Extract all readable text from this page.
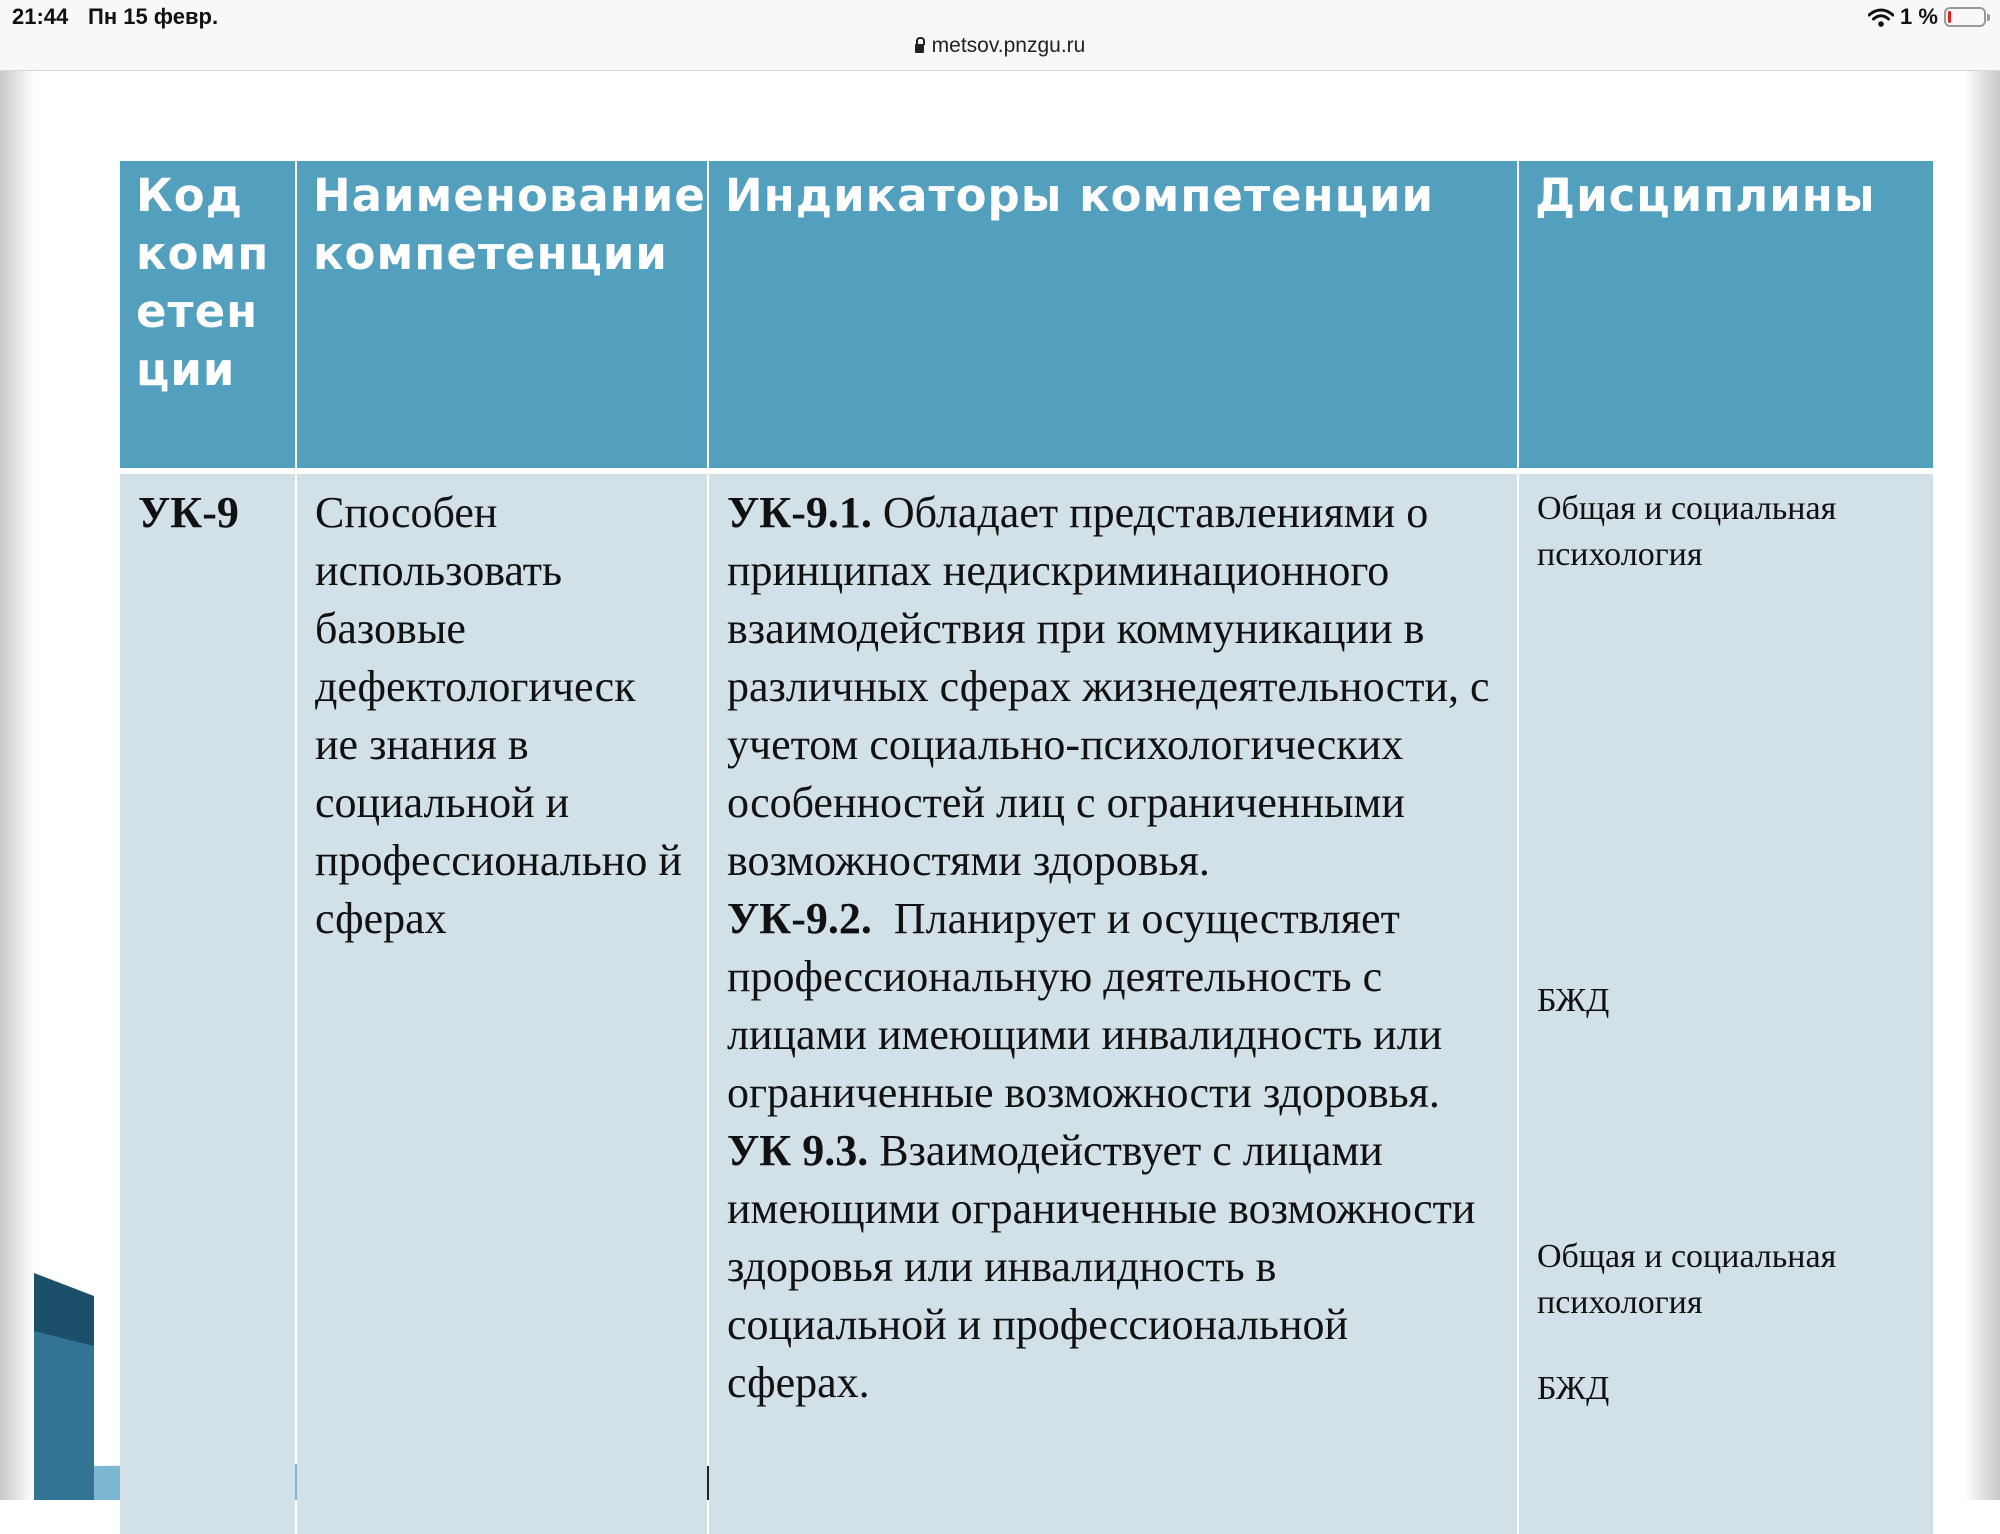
21:44 Пн 15 февр.
metsov.pnzgu.ru
1 %
Код комп етен ции
Наименование компетенции
Индикаторы компетенции	Дисциплины
УК-9	Способен использовать базовые дефектологическ ие знания в социальной и профессионально й сферах

УК-9.1. Обладает представлениями о принципах недискриминационного взаимодействия при коммуникации в различных сферах жизнедеятельности, с учетом социально-психологических особенностей лиц с ограниченными возможностями здоровья.

УК-9.2.  Планирует и осуществляет профессиональную деятельность с лицами имеющими инвалидность или ограниченные возможности здоровья.

УК 9.3. Взаимодействует с лицами имеющими ограниченные возможности здоровья или инвалидность в социальной и профессиональной сферах.

Общая и социальная психология
БЖД
Общая и социальная психология
БЖД
